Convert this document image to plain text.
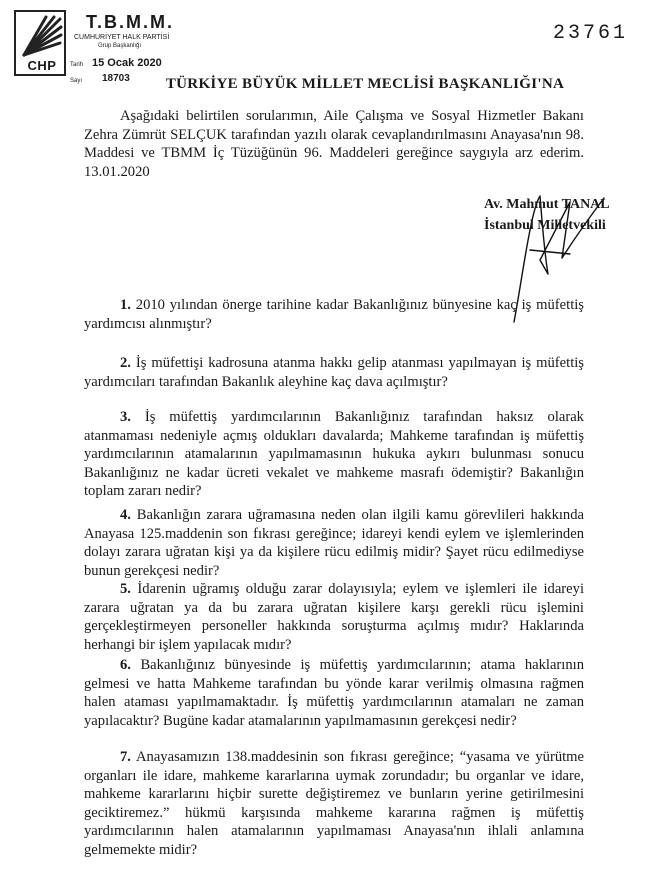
CHP
T.B.M.M.
CUMHURİYET HALK PARTİSİ
Grup Başkanlığı
Tarih 15 Ocak 2020
Sayı 18703
23761
TÜRKİYE BÜYÜK MİLLET MECLİSİ BAŞKANLIĞI'NA

Aşağıdaki belirtilen sorularımın, Aile Çalışma ve Sosyal Hizmetler Bakanı Zehra Zümrüt SELÇUK tarafından yazılı olarak cevaplandırılmasını Anayasa'nın 98. Maddesi ve TBMM İç Tüzüğünün 96. Maddeleri gereğince saygıyla arz ederim. 13.01.2020

Av. Mahmut TANAL
İstanbul Milletvekili

1. 2010 yılından önerge tarihine kadar Bakanlığınız bünyesine kaç iş müfettiş yardımcısı alınmıştır?

2. İş müfettişi kadrosuna atanma hakkı gelip atanması yapılmayan iş müfettiş yardımcıları tarafından Bakanlık aleyhine kaç dava açılmıştır?

3. İş müfettiş yardımcılarının Bakanlığınız tarafından haksız olarak atanmaması nedeniyle açmış oldukları davalarda; Mahkeme tarafından iş müfettiş yardımcılarının atamalarının yapılmamasının hukuka aykırı bulunması sonucu Bakanlığınız ne kadar ücreti vekalet ve mahkeme masrafı ödemiştir? Bakanlığın toplam zararı nedir?

4. Bakanlığın zarara uğramasına neden olan ilgili kamu görevlileri hakkında Anayasa 125.maddenin son fıkrası gereğince; idareyi kendi eylem ve işlemlerinden dolayı zarara uğratan kişi ya da kişilere rücu edilmiş midir? Şayet rücu edilmediyse bunun gerekçesi nedir?

5. İdarenin uğramış olduğu zarar dolayısıyla; eylem ve işlemleri ile idareyi zarara uğratan ya da bu zarara uğratan kişilere karşı gerekli rücu işlemini gerçekleştirmeyen personeller hakkında soruşturma açılmış mıdır? Haklarında herhangi bir işlem yapılacak mıdır?

6. Bakanlığınız bünyesinde iş müfettiş yardımcılarının; atama haklarının gelmesi ve hatta Mahkeme tarafından bu yönde karar verilmiş olmasına rağmen halen ataması yapılmamaktadır. İş müfettiş yardımcılarının atamaları ne zaman yapılacaktır? Bugüne kadar atamalarının yapılmamasının gerekçesi nedir?

7. Anayasamızın 138.maddesinin son fıkrası gereğince; “yasama ve yürütme organları ile idare, mahkeme kararlarına uymak zorundadır; bu organlar ve idare, mahkeme kararlarını hiçbir surette değiştiremez ve bunların yerine getirilmesini geciktiremez.” hükmü karşısında mahkeme kararına rağmen iş müfettiş yardımcılarının halen atamalarının yapılmaması Anayasa'nın ihlali anlamına gelmemekte midir?
